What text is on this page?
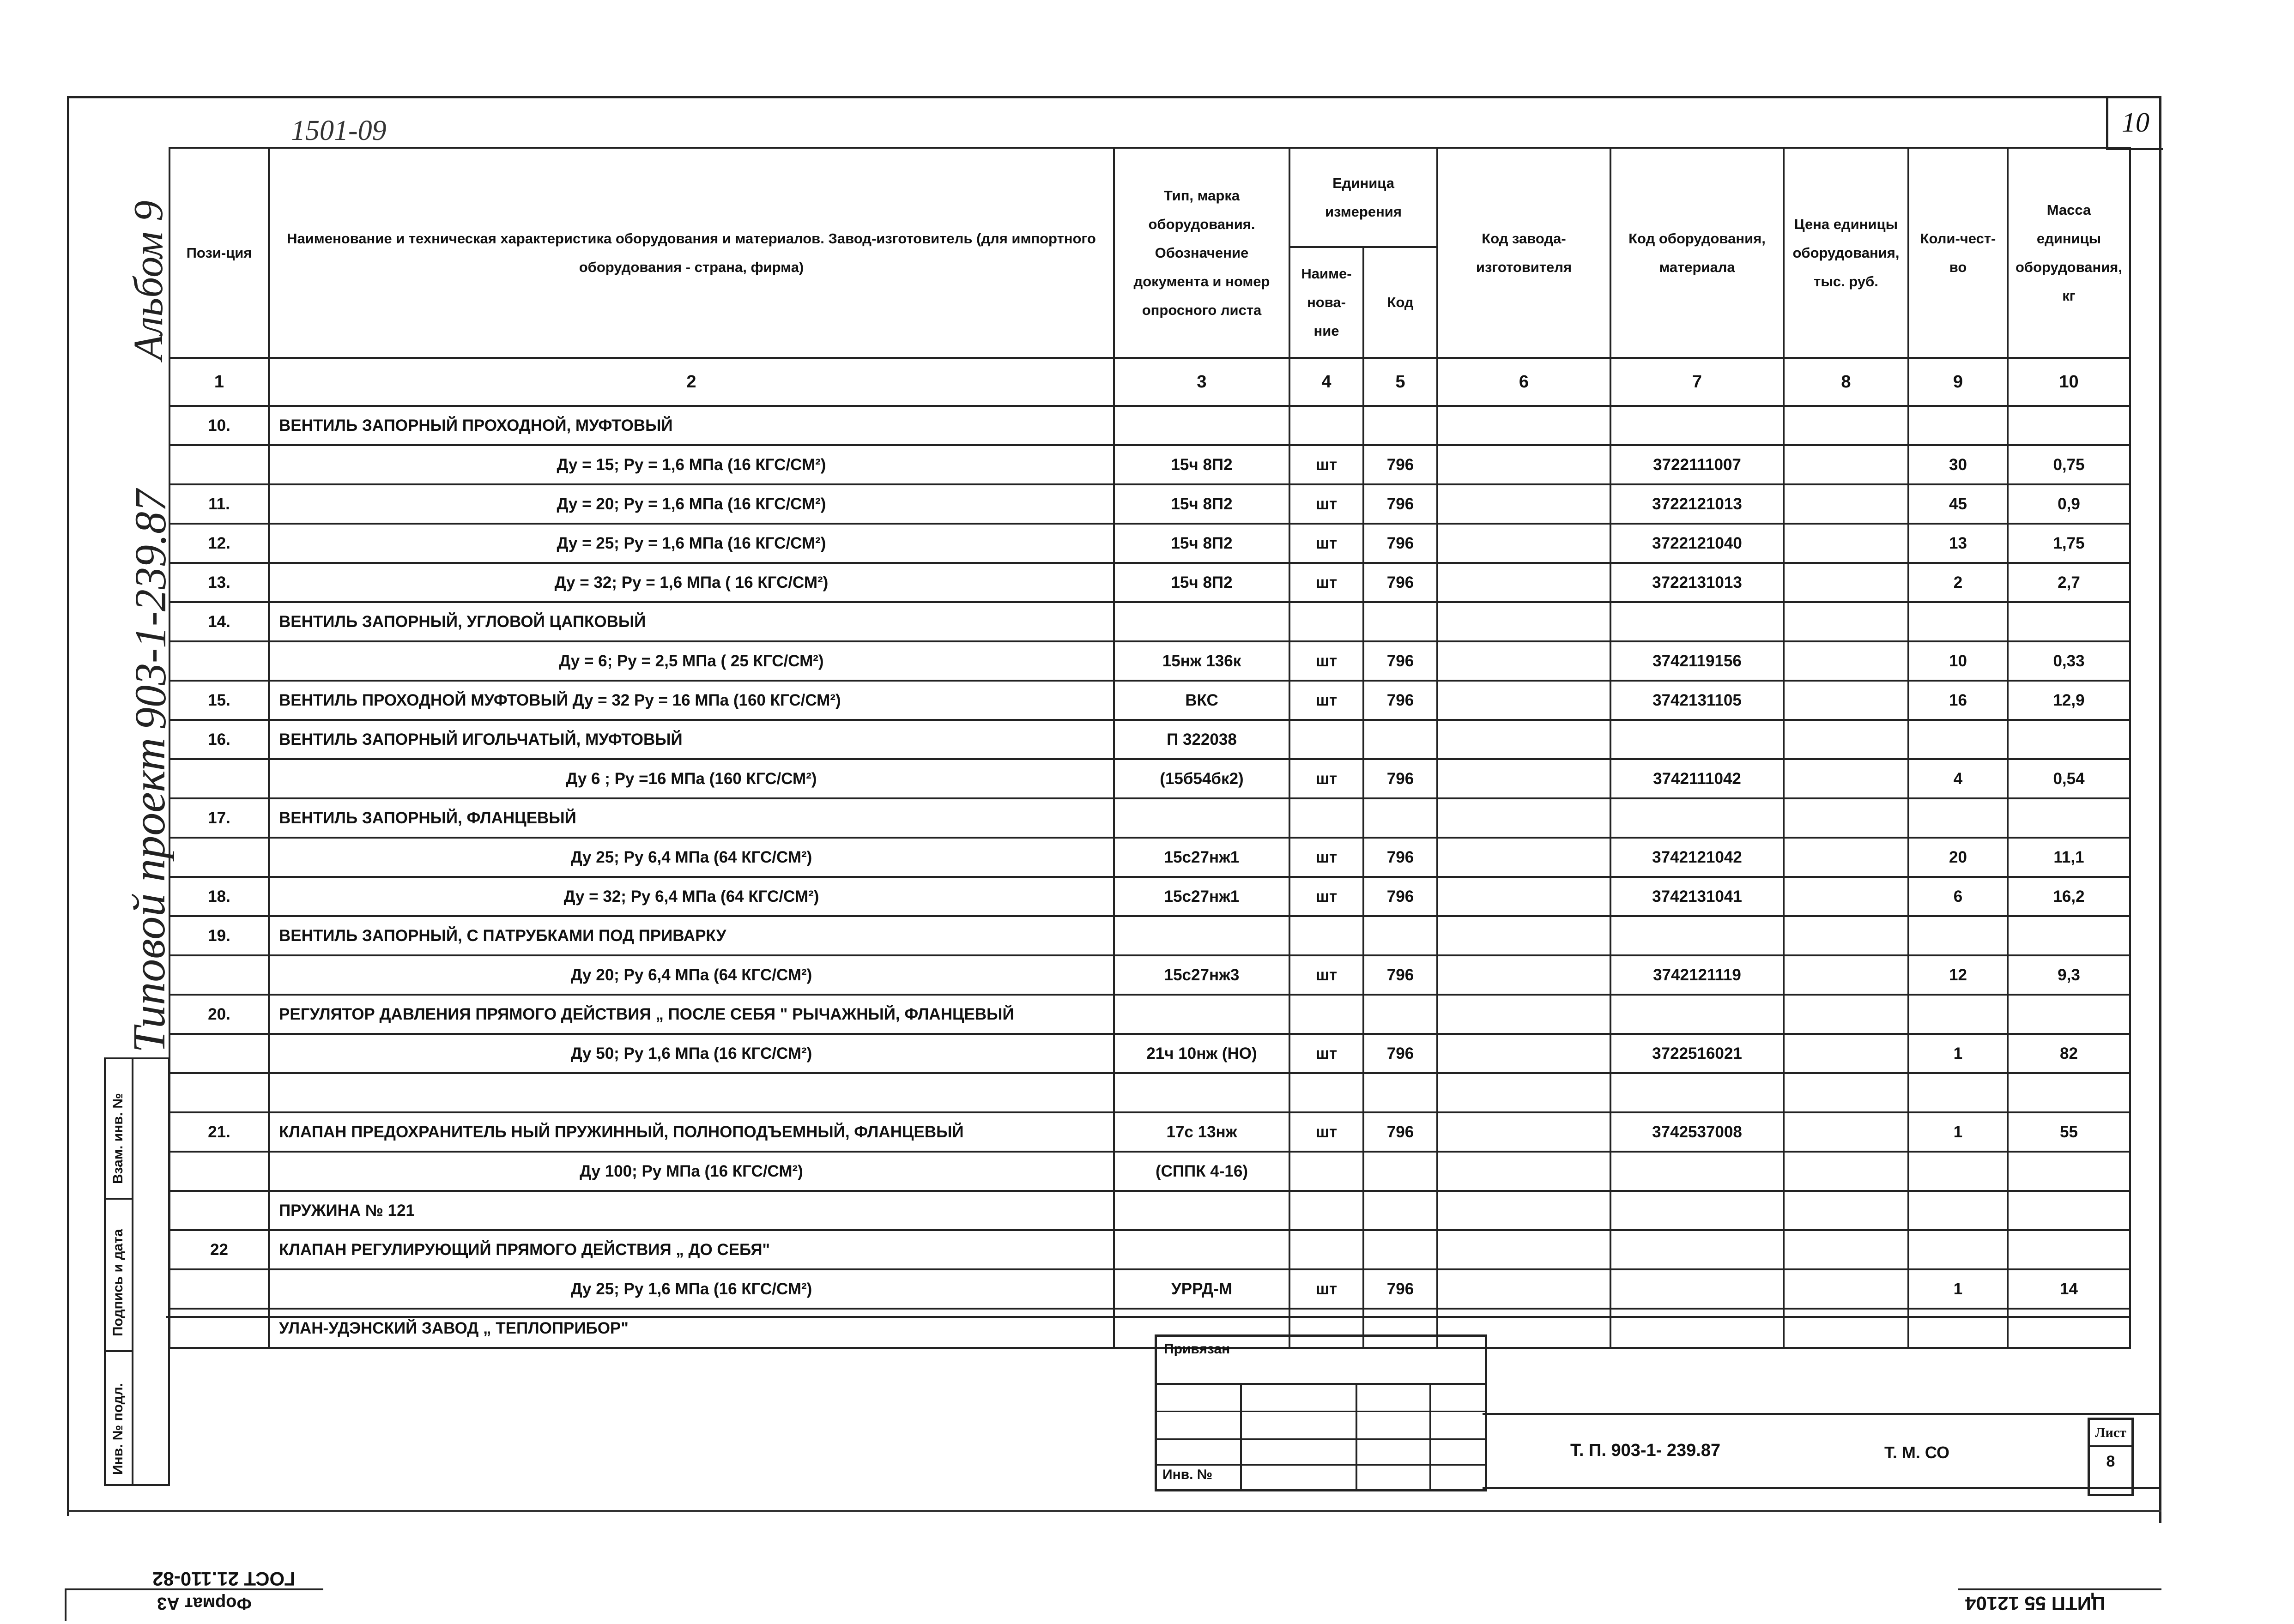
1501-09	10
Альбом 9
903-1-239.87
Типовой проект
Пози-ция	Наименование и техническая характеристика оборудования и материалов. Завод-изготовитель (для импортного оборудования - страна, фирма)	Тип, марка оборудования. Обозначение документа и номер опросного листа	Единица измерения		Код завода-изготовителя	Код оборудования, материала	Цена единицы оборудования, тыс. руб.	Коли-чест-во	Масса единицы оборудования, кг
			Наиме-нова-ние	Код					
1	2	3	4	5	6	7	8	9	10
10.	ВЕНТИЛЬ ЗАПОРНЫЙ ПРОХОДНОЙ, МУФТОВЫЙ								
	Ду = 15; Ру = 1,6 МПа (16 КГС/СМ²)	15ч 8П2	шт	796		3722111007		30	0,75
11.	Ду = 20; Ру = 1,6 МПа (16 КГС/СМ²)	15ч 8П2	шт	796		3722121013		45	0,9
12.	Ду = 25; Ру = 1,6 МПа (16 КГС/СМ²)	15ч 8П2	шт	796		3722121040		13	1,75
13.	Ду = 32; Ру = 1,6 МПа ( 16 КГС/СМ²)	15ч 8П2	шт	796		3722131013		2	2,7
14.	ВЕНТИЛЬ ЗАПОРНЫЙ, УГЛОВОЙ ЦАПКОВЫЙ								
	Ду = 6; Ру = 2,5 МПа ( 25 КГС/СМ²)	15нж 136к	шт	796		3742119156		10	0,33
15.	ВЕНТИЛЬ ПРОХОДНОЙ МУФТОВЫЙ Ду = 32 Ру = 16 МПа (160 КГС/СМ²)	ВКС	шт	796		3742131105		16	12,9
16.	ВЕНТИЛЬ ЗАПОРНЫЙ ИГОЛЬЧАТЫЙ, МУФТОВЫЙ	П 322038							
	Ду 6 ; Ру =16 МПа (160 КГС/СМ²)	(15б54бк2)	шт	796		3742111042		4	0,54
17.	ВЕНТИЛЬ ЗАПОРНЫЙ, ФЛАНЦЕВЫЙ								
	Ду 25; Ру 6,4 МПа (64 КГС/СМ²)	15с27нж1	шт	796		3742121042		20	11,1
18.	Ду = 32; Ру 6,4 МПа (64 КГС/СМ²)	15с27нж1	шт	796		3742131041		6	16,2
19.	ВЕНТИЛЬ ЗАПОРНЫЙ, С ПАТРУБКАМИ ПОД ПРИВАРКУ								
	Ду 20; Ру 6,4 МПа (64 КГС/СМ²)	15с27нж3	шт	796		3742121119		12	9,3
20.	РЕГУЛЯТОР ДАВЛЕНИЯ ПРЯМОГО ДЕЙСТВИЯ „ ПОСЛЕ СЕБЯ " РЫЧАЖНЫЙ, ФЛАНЦЕВЫЙ								
	Ду 50; Ру 1,6 МПа (16 КГС/СМ²)	21ч 10нж (НО)	шт	796		3722516021		1	82

21.	КЛАПАН ПРЕДОХРАНИТЕЛЬ НЫЙ ПРУЖИННЫЙ, ПОЛНОПОДЪЕМНЫЙ, ФЛАНЦЕВЫЙ	17с 13нж	шт	796		3742537008		1	55
	Ду 100; Ру МПа (16 КГС/СМ²)	(СППК 4-16)							
	ПРУЖИНА № 121								
22	КЛАПАН РЕГУЛИРУЮЩИЙ ПРЯМОГО ДЕЙСТВИЯ „ ДО СЕБЯ"								
	Ду 25; Ру 1,6 МПа (16 КГС/СМ²)	УРРД-М	шт	796				1	14
	УЛАН-УДЭНСКИЙ ЗАВОД „ ТЕПЛОПРИБОР"								
Взам. инв. №
Подпись и дата
Инв. № подл.
Привязан
Инв. №
Т. П. 903-1- 239.87	Т. М. СО
Лист
8
ГОСТ 21.110-82
Формат А3	ЦИТП 55 12104
